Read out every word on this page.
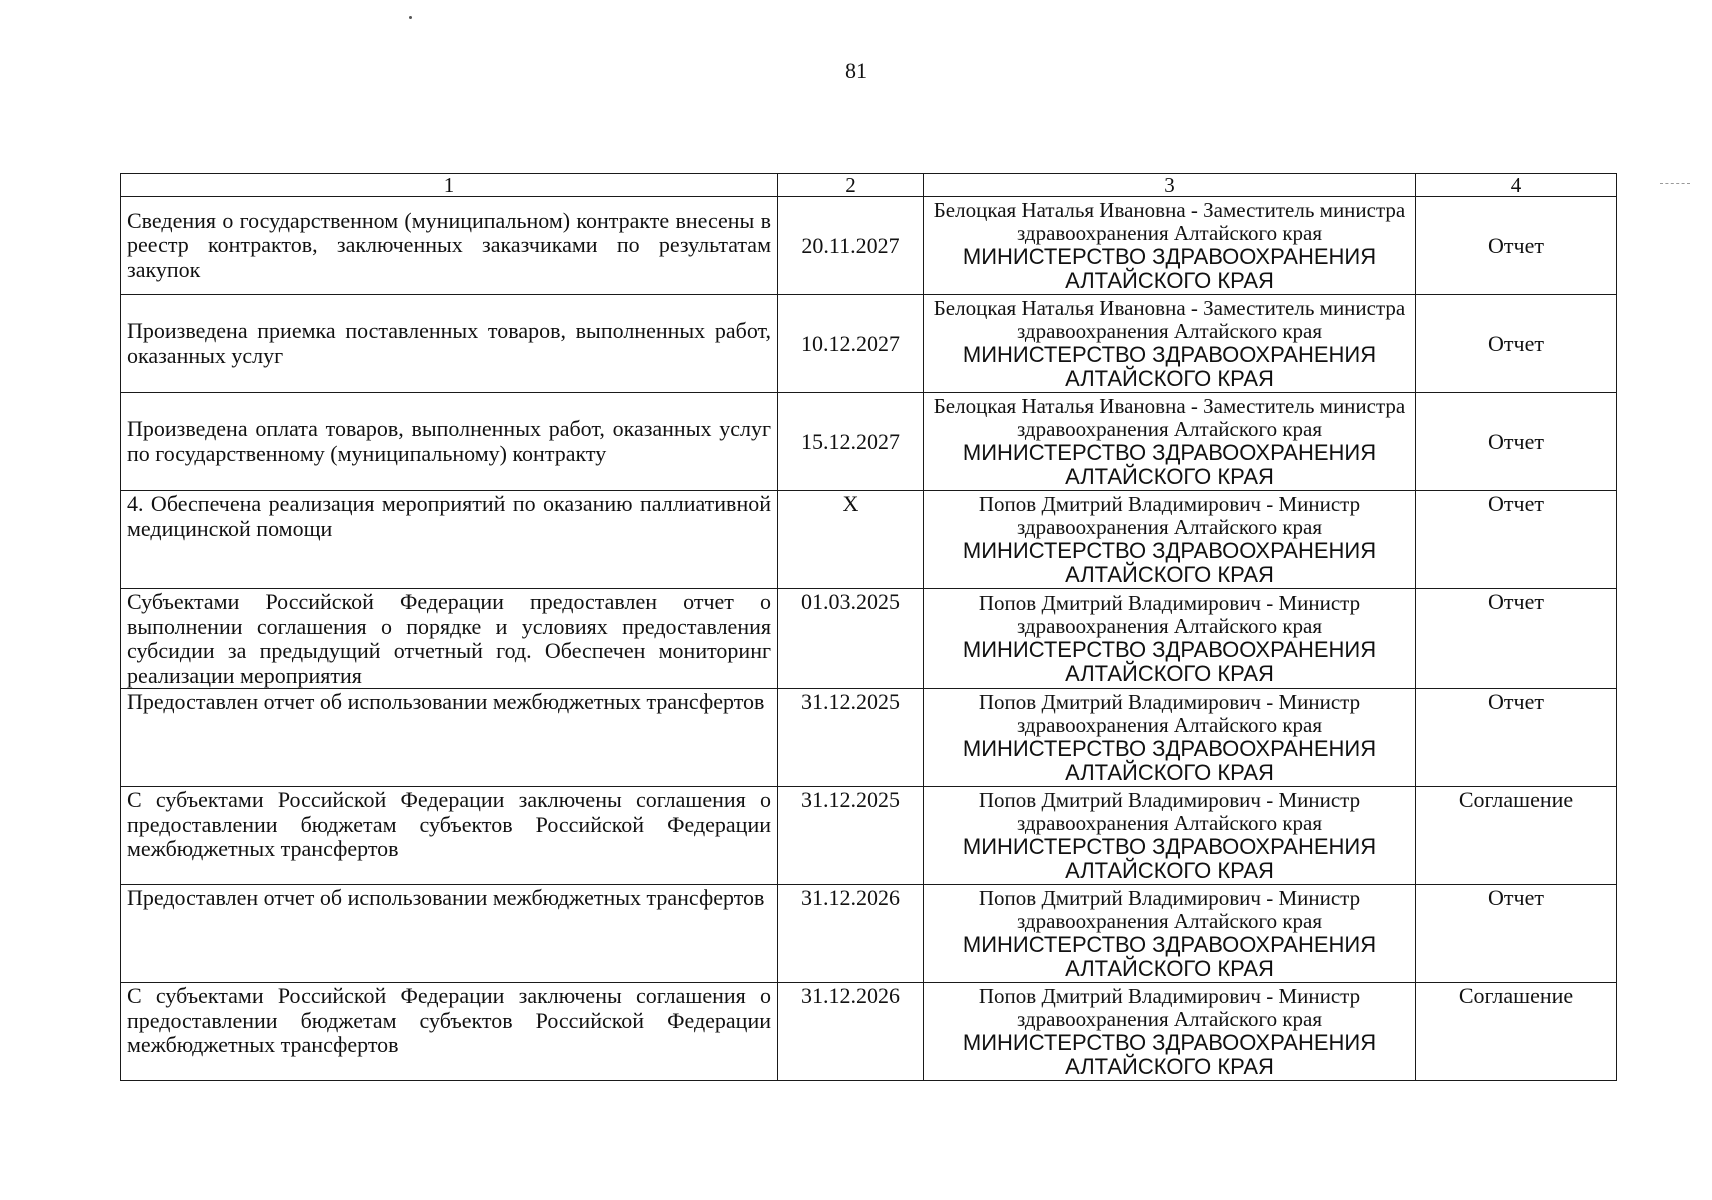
81
1	2	3	4
Сведения о государственном (муниципальном) контракте внесены в реестр контрактов, заключенных заказчиками по результатам закупок	20.11.2027	Белоцкая Наталья Ивановна - Заместитель министра здравоохранения Алтайского края
МИНИСТЕРСТВО ЗДРАВООХРАНЕНИЯ АЛТАЙСКОГО КРАЯ	Отчет
Произведена приемка поставленных товаров, выполненных работ, оказанных услуг	10.12.2027	Белоцкая Наталья Ивановна - Заместитель министра здравоохранения Алтайского края
МИНИСТЕРСТВО ЗДРАВООХРАНЕНИЯ АЛТАЙСКОГО КРАЯ	Отчет
Произведена оплата товаров, выполненных работ, оказанных услуг по государственному (муниципальному) контракту	15.12.2027	Белоцкая Наталья Ивановна - Заместитель министра здравоохранения Алтайского края
МИНИСТЕРСТВО ЗДРАВООХРАНЕНИЯ АЛТАЙСКОГО КРАЯ	Отчет
4. Обеспечена реализация мероприятий по оказанию паллиативной медицинской помощи	X	Попов Дмитрий Владимирович - Министр здравоохранения Алтайского края
МИНИСТЕРСТВО ЗДРАВООХРАНЕНИЯ АЛТАЙСКОГО КРАЯ	Отчет
Субъектами Российской Федерации предоставлен отчет о выполнении соглашения о порядке и условиях предоставления субсидии за предыдущий отчетный год. Обеспечен мониторинг реализации мероприятия	01.03.2025	Попов Дмитрий Владимирович - Министр здравоохранения Алтайского края
МИНИСТЕРСТВО ЗДРАВООХРАНЕНИЯ АЛТАЙСКОГО КРАЯ	Отчет
Предоставлен отчет об использовании межбюджетных трансфертов	31.12.2025	Попов Дмитрий Владимирович - Министр здравоохранения Алтайского края
МИНИСТЕРСТВО ЗДРАВООХРАНЕНИЯ АЛТАЙСКОГО КРАЯ	Отчет
С субъектами Российской Федерации заключены соглашения о предоставлении бюджетам субъектов Российской Федерации межбюджетных трансфертов	31.12.2025	Попов Дмитрий Владимирович - Министр здравоохранения Алтайского края
МИНИСТЕРСТВО ЗДРАВООХРАНЕНИЯ АЛТАЙСКОГО КРАЯ	Соглашение
Предоставлен отчет об использовании межбюджетных трансфертов	31.12.2026	Попов Дмитрий Владимирович - Министр здравоохранения Алтайского края
МИНИСТЕРСТВО ЗДРАВООХРАНЕНИЯ АЛТАЙСКОГО КРАЯ	Отчет
С субъектами Российской Федерации заключены соглашения о предоставлении бюджетам субъектов Российской Федерации межбюджетных трансфертов	31.12.2026	Попов Дмитрий Владимирович - Министр здравоохранения Алтайского края
МИНИСТЕРСТВО ЗДРАВООХРАНЕНИЯ АЛТАЙСКОГО КРАЯ	Соглашение
